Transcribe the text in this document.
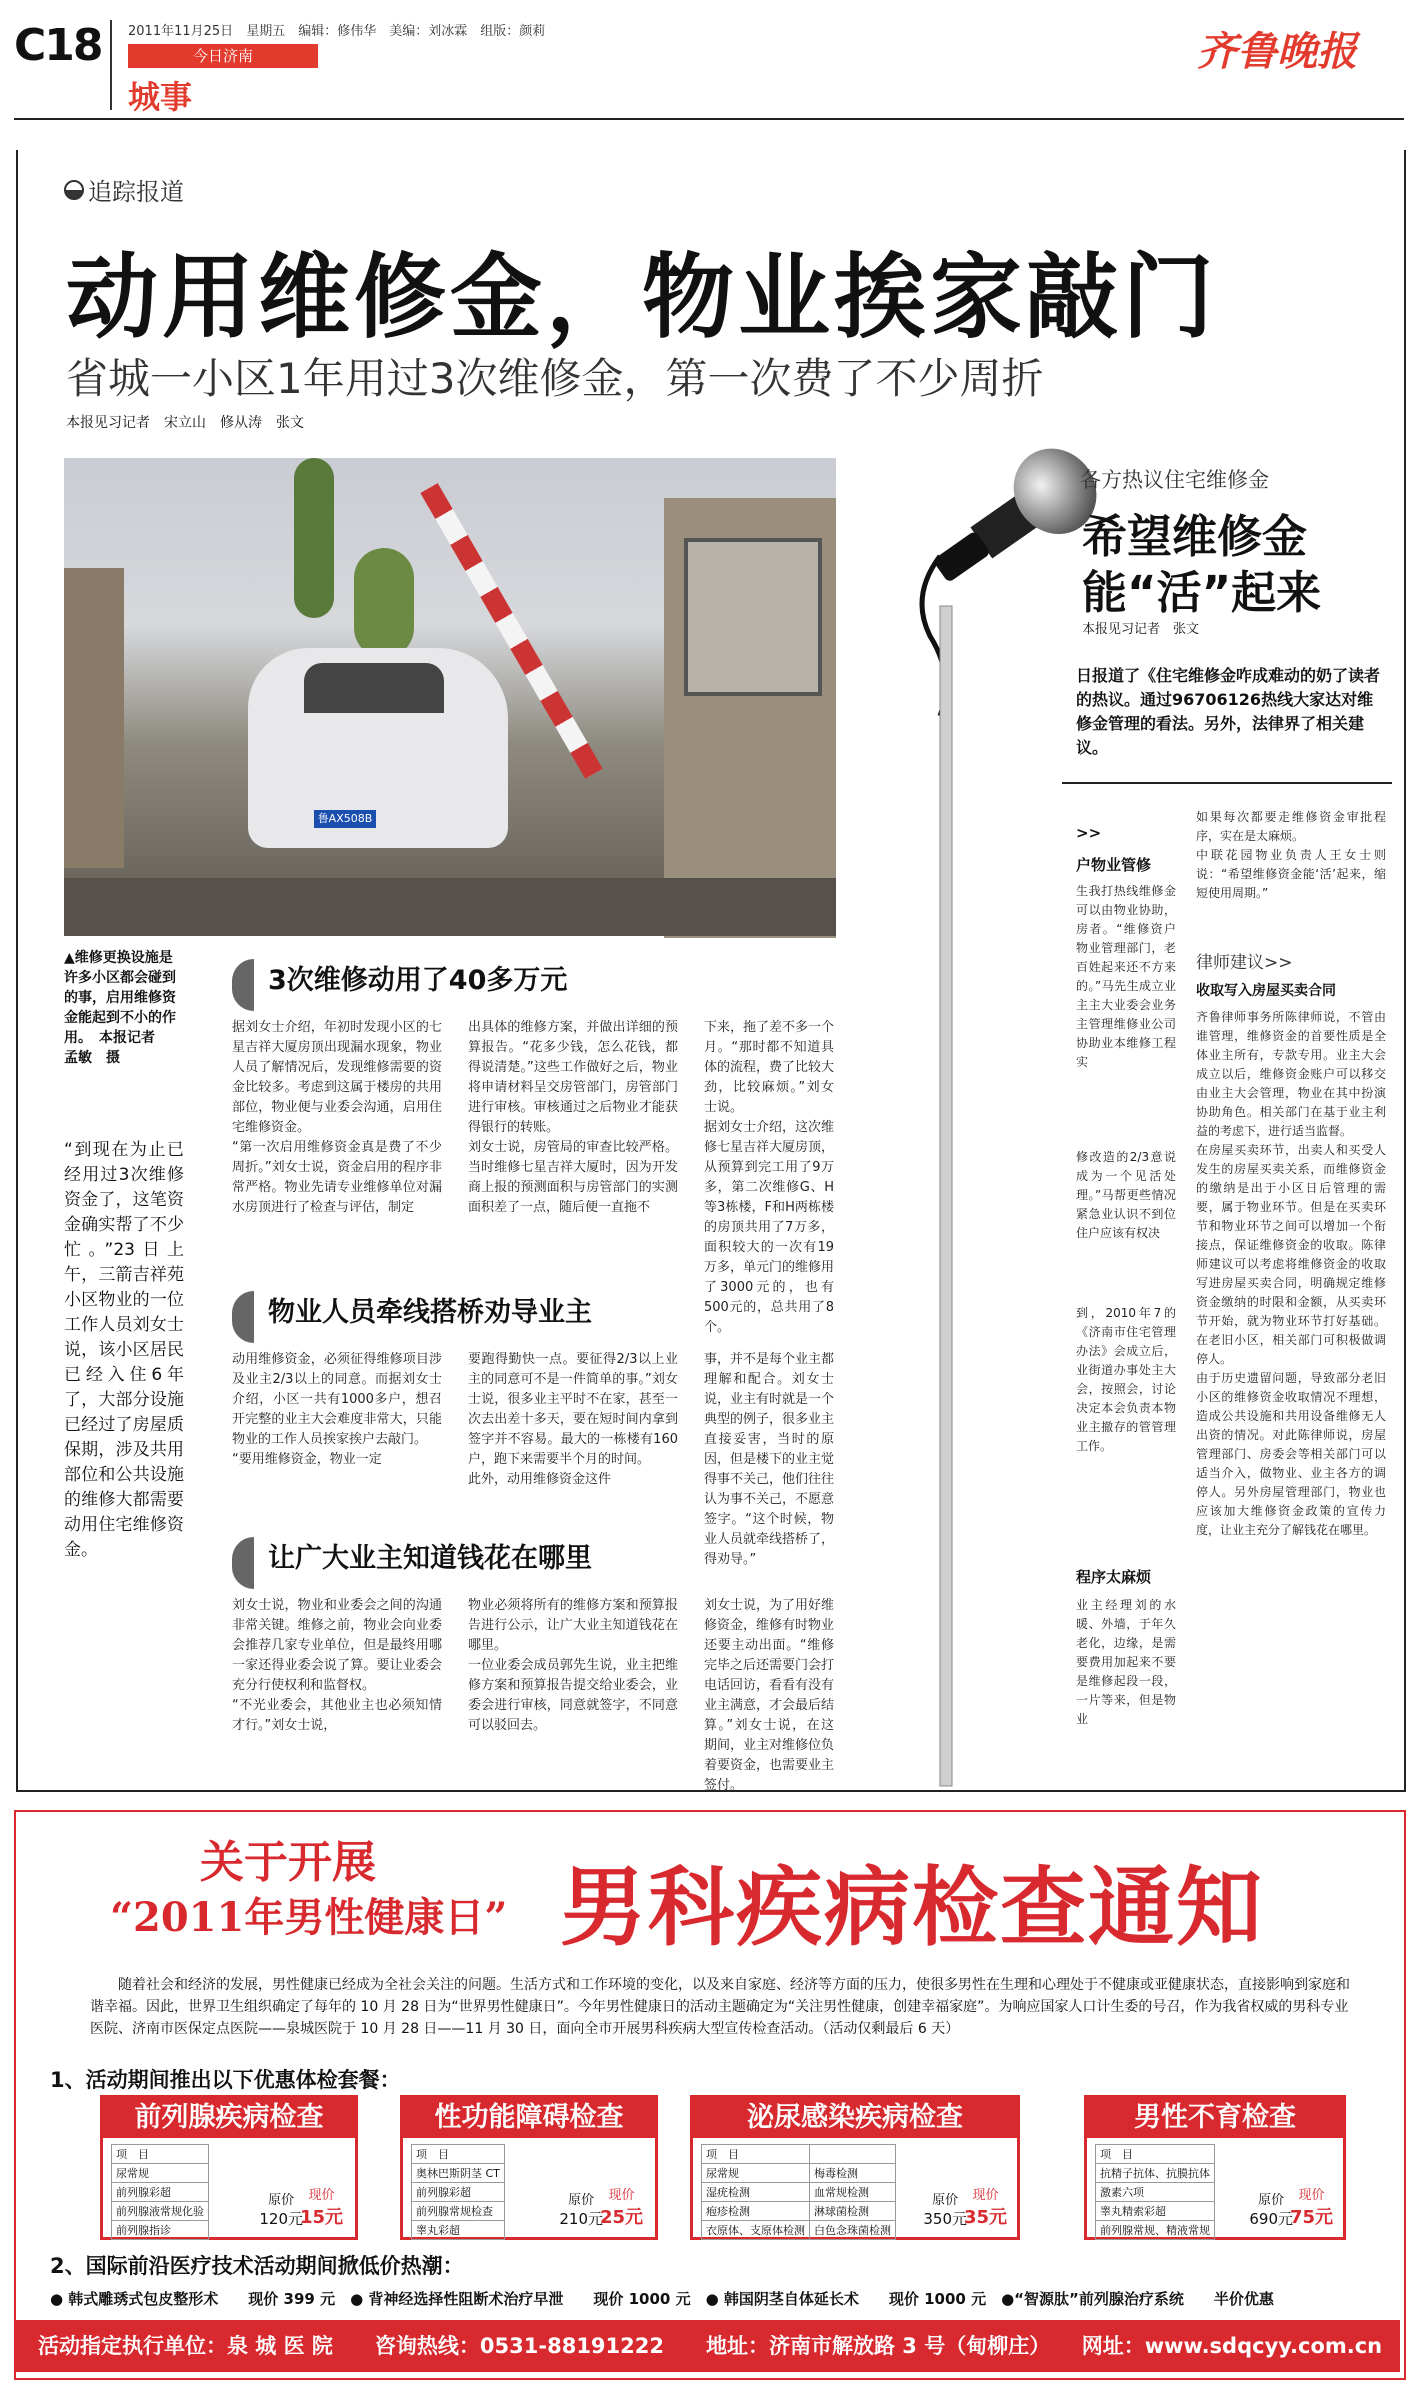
C18 2011年11月25日　 星期五　 编辑：修伟华　 美编：刘冰霖　 组版：颜莉
今日济南
城事
齐鲁晚报
追踪报道
动用维修金，物业挨家敲门
省城一小区1年用过3次维修金，第一次费了不少周折
本报见习记者　宋立山　修从涛　张文
鲁AX508B
▲维修更换设施是许多小区都会碰到的事，启用维修资金能起到不小的作用。　本报记者　孟敏　摄
“到现在为止已经用过3次维修资金了，这笔资金确实帮了不少忙。”23日上午，三箭吉祥苑小区物业的一位工作人员刘女士说，该小区居民已经入住6年了，大部分设施已经过了房屋质保期，涉及共用部位和公共设施的维修大都需要动用住宅维修资金。
3次维修动用了40多万元
据刘女士介绍，年初时发现小区的七星吉祥大厦房顶出现漏水现象，物业人员了解情况后，发现维修需要的资金比较多。考虑到这属于楼房的共用部位，物业便与业委会沟通，启用住宅维修资金。
“第一次启用维修资金真是费了不少周折。”刘女士说，资金启用的程序非常严格。物业先请专业维修单位对漏水房顶进行了检查与评估，制定
出具体的维修方案，并做出详细的预算报告。“花多少钱，怎么花钱，都得说清楚。”这些工作做好之后，物业将申请材料呈交房管部门，房管部门进行审核。审核通过之后物业才能获得银行的转账。
刘女士说，房管局的审查比较严格。当时维修七星吉祥大厦时，因为开发商上报的预测面积与房管部门的实测面积差了一点，随后便一直拖不
下来，拖了差不多一个月。“那时都不知道具体的流程，费了比较大劲，比较麻烦。”刘女士说。
据刘女士介绍，这次维修七星吉祥大厦房顶，从预算到完工用了9万多，第二次维修G、H等3栋楼，F和H两栋楼的房顶共用了7万多，面积较大的一次有19万多，单元门的维修用了3000元的，也有500元的，总共用了8个。
物业人员牵线搭桥劝导业主
动用维修资金，必须征得维修项目涉及业主2/3以上的同意。而据刘女士介绍，小区一共有1000多户，想召开完整的业主大会难度非常大，只能物业的工作人员挨家挨户去敲门。
“要用维修资金，物业一定
要跑得勤快一点。要征得2/3以上业主的同意可不是一件简单的事。”刘女士说，很多业主平时不在家，甚至一次去出差十多天，要在短时间内拿到签字并不容易。最大的一栋楼有160户，跑下来需要半个月的时间。
此外，动用维修资金这件
事，并不是每个业主都理解和配合。刘女士说，业主有时就是一个典型的例子，很多业主直接妥害，当时的原因，但是楼下的业主觉得事不关己，他们往往认为事不关己，不愿意签字。“这个时候，物业人员就牵线搭桥了，得劝导。”
让广大业主知道钱花在哪里
刘女士说，物业和业委会之间的沟通非常关键。维修之前，物业会向业委会推荐几家专业单位，但是最终用哪一家还得业委会说了算。要让业委会充分行使权利和监督权。
“不光业委会，其他业主也必须知情才行。”刘女士说，
物业必须将所有的维修方案和预算报告进行公示，让广大业主知道钱花在哪里。
一位业委会成员郭先生说，业主把维修方案和预算报告提交给业委会，业委会进行审核，同意就签字，不同意可以驳回去。
刘女士说，为了用好维修资金，维修有时物业还要主动出面。“维修完毕之后还需要门会打电话回访，看看有没有业主满意，才会最后结算。”刘女士说，在这期间，业主对维修位负着要资金，也需要业主签付。
各方热议住宅维修金
希望维修金
能“活”起来
本报见习记者　张文
日报道了《住宅维修金咋成难动的奶了读者的热议。通过96706126热线大家达对维修金管理的看法。另外，法律界了相关建议。
>>
户物业管修
生我打热线维修金可以由物业协助，房者。“维修资户物业管理部门，老百姓起来还不方来的。”马先生成立业主主大业委会业务主管理维修业公司协助业本维修工程实
修改造的2/3意说成为一个见活处理。”马帮更些情况紧急业认识不到位住户应该有权决
到，2010年7的《济南市住宅管理办法》会成立后，业街道办事处主大会，按照会，讨论决定本会负责本物业主撤存的管管理工作。
程序太麻烦
业主经理刘的水暖、外墙，于年久老化，边缘，是需要费用加起来不要是维修起段一段，一片等来，但是物业
如果每次都要走维修资金审批程序，实在是太麻烦。
中联花园物业负责人王女士则说：“希望维修资金能‘活’起来，缩短使用周期。”
律师建议>>
收取写入房屋买卖合同
齐鲁律师事务所陈律师说，不管由谁管理，维修资金的首要性质是全体业主所有，专款专用。业主大会成立以后，维修资金账户可以移交由业主大会管理，物业在其中扮演协助角色。相关部门在基于业主利益的考虑下，进行适当监督。
在房屋买卖环节，出卖人和买受人发生的房屋买卖关系，而维修资金的缴纳是出于小区日后管理的需要，属于物业环节。但是在买卖环节和物业环节之间可以增加一个衔接点，保证维修资金的收取。陈律师建议可以考虑将维修资金的收取写进房屋买卖合同，明确规定维修资金缴纳的时限和金额，从买卖环节开始，就为物业环节打好基础。在老旧小区，相关部门可积极做调停人。
由于历史遗留问题，导致部分老旧小区的维修资金收取情况不理想，造成公共设施和共用设备维修无人出资的情况。对此陈律师说，房屋管理部门、房委会等相关部门可以适当介入，做物业、业主各方的调停人。另外房屋管理部门，物业也应该加大维修资金政策的宣传力度，让业主充分了解钱花在哪里。
关于开展
“2011年男性健康日” 男科疾病检查通知
随着社会和经济的发展，男性健康已经成为全社会关注的问题。生活方式和工作环境的变化，以及来自家庭、经济等方面的压力，使很多男性在生理和心理处于不健康或亚健康状态，直接影响到家庭和谐幸福。因此，世界卫生组织确定了每年的 10 月 28 日为“世界男性健康日”。今年男性健康日的活动主题确定为“关注男性健康，创建幸福家庭”。为响应国家人口计生委的号召，作为我省权威的男科专业医院、济南市医保定点医院——泉城医院于 10 月 28 日——11 月 30 日，面向全市开展男科疾病大型宣传检查活动。（活动仅剩最后 6 天）
1、活动期间推出以下优惠体检套餐：
前列腺疾病检查
项　目
尿常规
前列腺彩超
前列腺液常规化验
前列腺指诊
原价
120元
现价
15元
性功能障碍检查
项　目
奥林巴斯阴茎 CT
前列腺彩超
前列腺常规检查
睾丸彩超
原价
210元
现价
25元
泌尿感染疾病检查
项　目	
尿常规	梅毒检测
湿疣检测	血常规检测
疱疹检测	淋球菌检测
衣原体、支原体检测	白色念珠菌检测
原价
350元
现价
35元
男性不育检查
项　目
抗精子抗体、抗膜抗体
激素六项
睾丸精索彩超
前列腺常规、精液常规
原价
690元
现价
75元
2、国际前沿医疗技术活动期间掀低价热潮：
● 韩式雕琇式包皮整形术　　现价 399 元　● 背神经选择性阻断术治疗早泄　　现价 1000 元　● 韩国阴茎自体延长术　　现价 1000 元　●“智源肽”前列腺治疗系统　　半价优惠
活动指定执行单位：泉 城 医 院　　咨询热线：0531-88191222　　地址：济南市解放路 3 号（甸柳庄）　　网址：www.sdqcyy.com.cn
